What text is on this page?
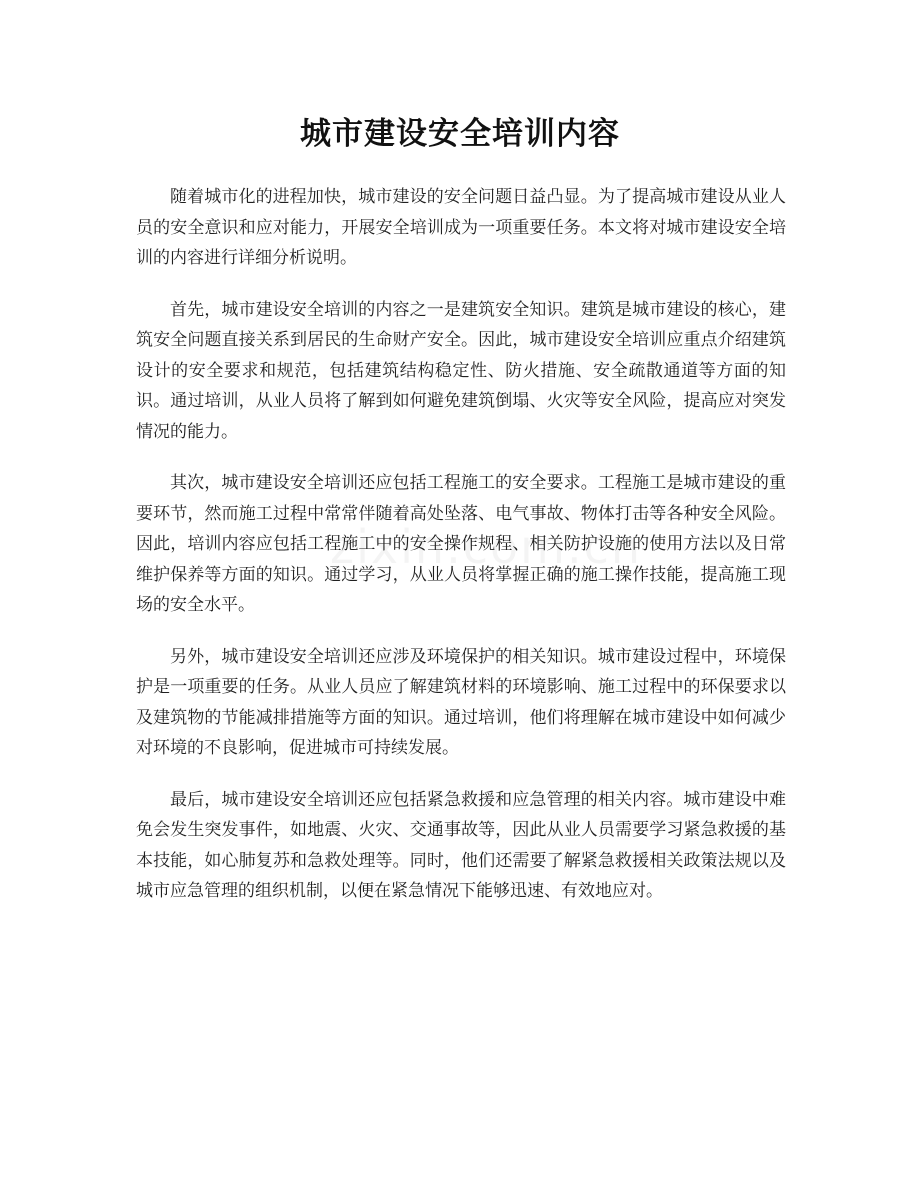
城市建设安全培训内容

随着城市化的进程加快，城市建设的安全问题日益凸显。为了提高城市建设从业人员的安全意识和应对能力，开展安全培训成为一项重要任务。本文将对城市建设安全培训的内容进行详细分析说明。

首先，城市建设安全培训的内容之一是建筑安全知识。建筑是城市建设的核心，建筑安全问题直接关系到居民的生命财产安全。因此，城市建设安全培训应重点介绍建筑设计的安全要求和规范，包括建筑结构稳定性、防火措施、安全疏散通道等方面的知识。通过培训，从业人员将了解到如何避免建筑倒塌、火灾等安全风险，提高应对突发情况的能力。

其次，城市建设安全培训还应包括工程施工的安全要求。工程施工是城市建设的重要环节，然而施工过程中常常伴随着高处坠落、电气事故、物体打击等各种安全风险。因此，培训内容应包括工程施工中的安全操作规程、相关防护设施的使用方法以及日常维护保养等方面的知识。通过学习，从业人员将掌握正确的施工操作技能，提高施工现场的安全水平。

另外，城市建设安全培训还应涉及环境保护的相关知识。城市建设过程中，环境保护是一项重要的任务。从业人员应了解建筑材料的环境影响、施工过程中的环保要求以及建筑物的节能减排措施等方面的知识。通过培训，他们将理解在城市建设中如何减少对环境的不良影响，促进城市可持续发展。

最后，城市建设安全培训还应包括紧急救援和应急管理的相关内容。城市建设中难免会发生突发事件，如地震、火灾、交通事故等，因此从业人员需要学习紧急救援的基本技能，如心肺复苏和急救处理等。同时，他们还需要了解紧急救援相关政策法规以及城市应急管理的组织机制，以便在紧急情况下能够迅速、有效地应对。
